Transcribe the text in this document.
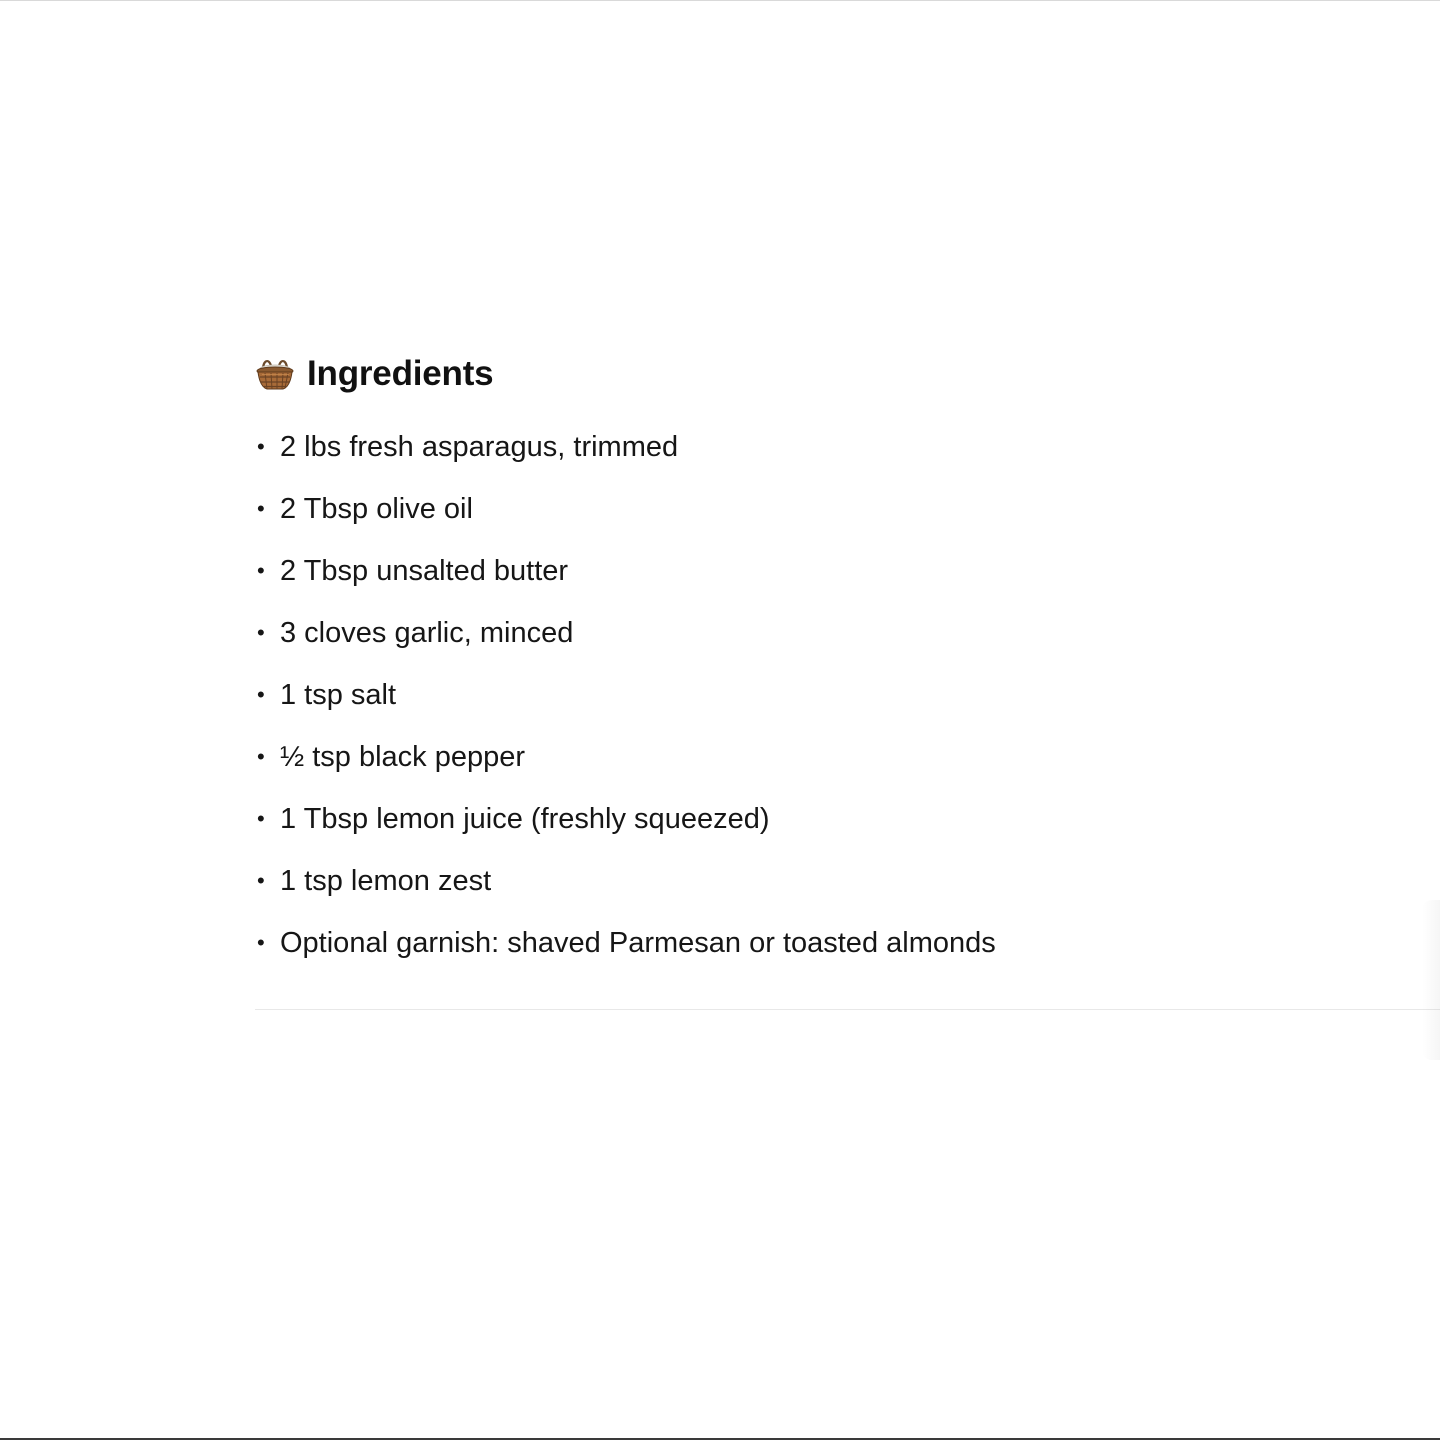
Ingredients
• 2 lbs fresh asparagus, trimmed
• 2 Tbsp olive oil
• 2 Tbsp unsalted butter
• 3 cloves garlic, minced
• 1 tsp salt
• ½ tsp black pepper
• 1 Tbsp lemon juice (freshly squeezed)
• 1 tsp lemon zest
• Optional garnish: shaved Parmesan or toasted almonds
